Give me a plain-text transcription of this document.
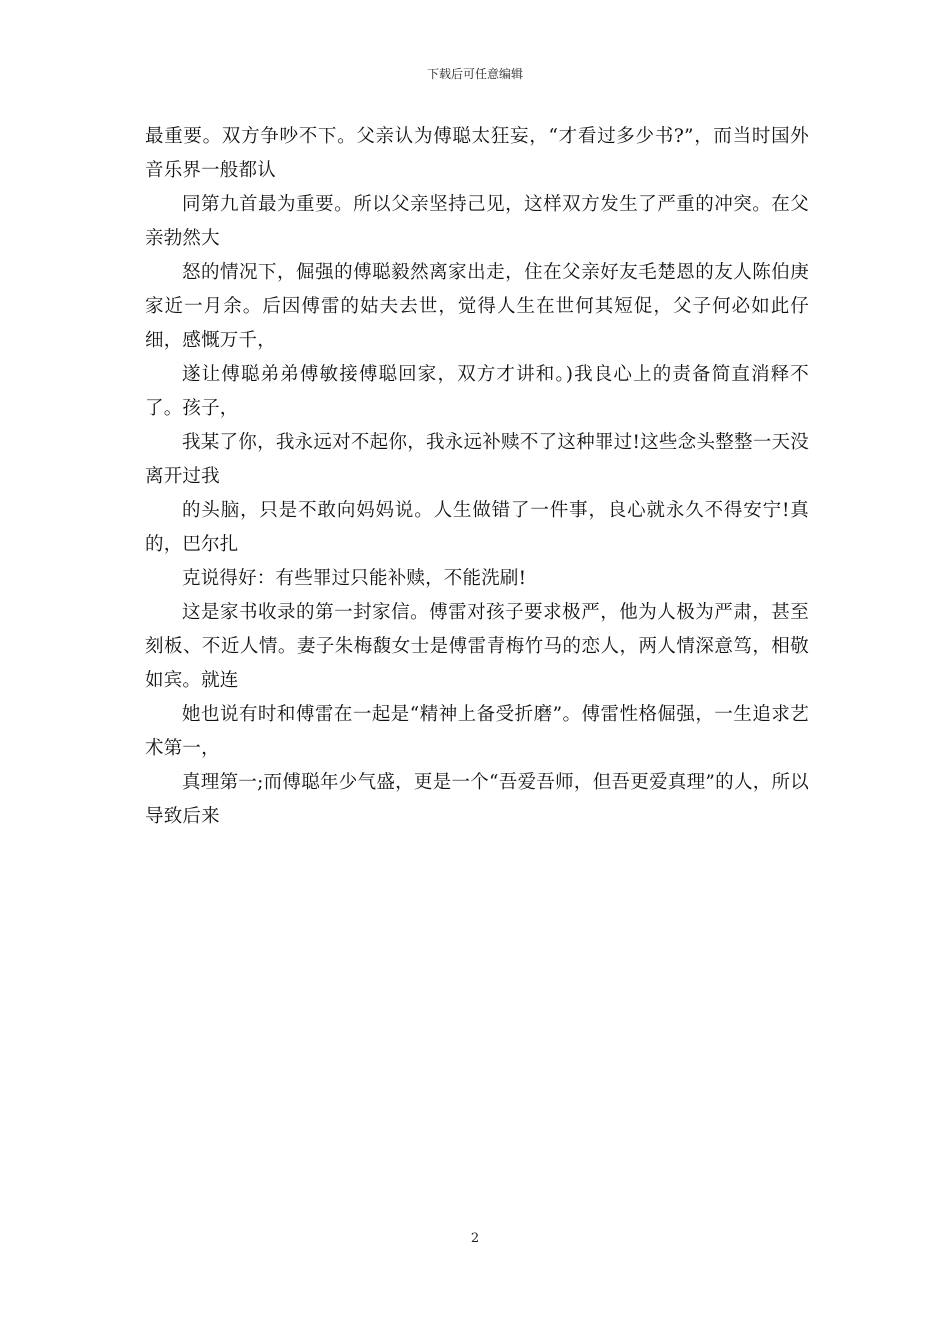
下载后可任意编辑

最重要。双方争吵不下。父亲认为傅聪太狂妄，“才看过多少书?”，而当时国外音乐界一般都认

同第九首最为重要。所以父亲坚持己见，这样双方发生了严重的冲突。在父亲勃然大

怒的情况下，倔强的傅聪毅然离家出走，住在父亲好友毛楚恩的友人陈伯庚家近一月余。后因傅雷的姑夫去世，觉得人生在世何其短促，父子何必如此仔细，感慨万千，

遂让傅聪弟弟傅敏接傅聪回家，双方才讲和。)我良心上的责备简直消释不了。孩子，

我某了你，我永远对不起你，我永远补赎不了这种罪过!这些念头整整一天没离开过我

的头脑，只是不敢向妈妈说。人生做错了一件事，良心就永久不得安宁!真的，巴尔扎

克说得好：有些罪过只能补赎，不能洗刷!

这是家书收录的第一封家信。傅雷对孩子要求极严，他为人极为严肃，甚至刻板、不近人情。妻子朱梅馥女士是傅雷青梅竹马的恋人，两人情深意笃，相敬如宾。就连

她也说有时和傅雷在一起是“精神上备受折磨”。傅雷性格倔强，一生追求艺术第一，

真理第一;而傅聪年少气盛，更是一个“吾爱吾师，但吾更爱真理”的人，所以导致后来

2
